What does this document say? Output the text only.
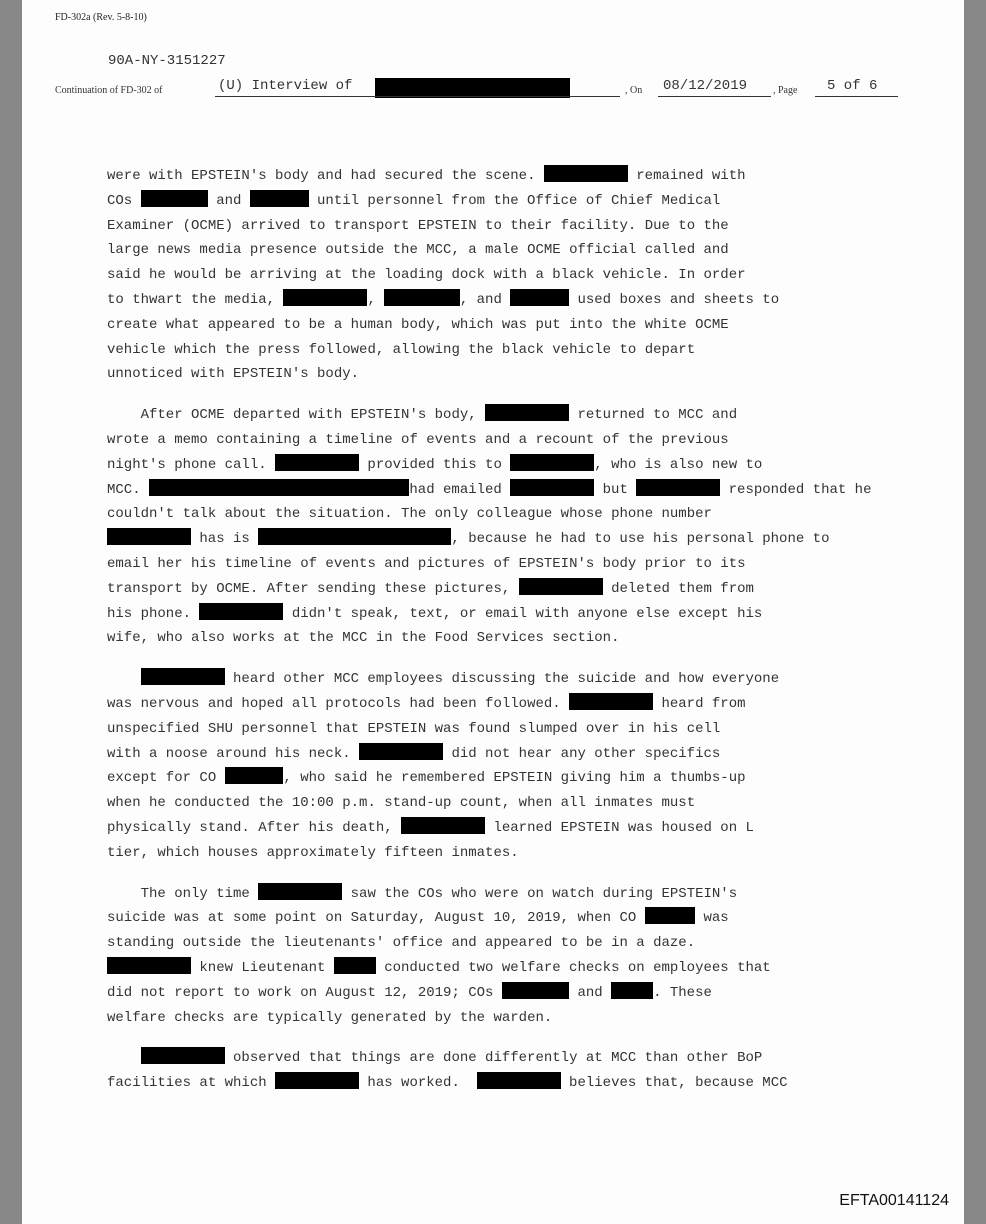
FD-302a (Rev. 5-8-10)
90A-NY-3151227
Continuation of FD-302 of	(U) Interview of	, On 08/12/2019	, Page 5 of 6
were with EPSTEIN's body and had secured the scene.	remained with
COs	and	until personnel from the Office of Chief Medical
Examiner (OCME) arrived to transport EPSTEIN to their facility. Due to the
large news media presence outside the MCC, a male OCME official called and
said he would be arriving at the loading dock with a black vehicle. In order
to thwart the media,	,	, and	used boxes and sheets to
create what appeared to be a human body, which was put into the white OCME
vehicle which the press followed, allowing the black vehicle to depart
unnoticed with EPSTEIN's body.
After OCME departed with EPSTEIN's body,	returned to MCC and
wrote a memo containing a timeline of events and a recount of the previous
night's phone call.	provided this to	, who is also new to
MCC.	had emailed	but	responded that he
couldn't talk about the situation. The only colleague whose phone number
has is	, because he had to use his personal phone to
email her his timeline of events and pictures of EPSTEIN's body prior to its
transport by OCME. After sending these pictures,	deleted them from
his phone.	didn't speak, text, or email with anyone else except his
wife, who also works at the MCC in the Food Services section.
heard other MCC employees discussing the suicide and how everyone
was nervous and hoped all protocols had been followed.	heard from
unspecified SHU personnel that EPSTEIN was found slumped over in his cell
with a noose around his neck.	did not hear any other specifics
except for CO	, who said he remembered EPSTEIN giving him a thumbs-up
when he conducted the 10:00 p.m. stand-up count, when all inmates must
physically stand. After his death,	learned EPSTEIN was housed on L
tier, which houses approximately fifteen inmates.
The only time	saw the COs who were on watch during EPSTEIN's
suicide was at some point on Saturday, August 10, 2019, when CO	was
standing outside the lieutenants' office and appeared to be in a daze.
knew Lieutenant	conducted two welfare checks on employees that
did not report to work on August 12, 2019; COs	and	. These
welfare checks are typically generated by the warden.
observed that things are done differently at MCC than other BoP
facilities at which	has worked.	believes that, because MCC
EFTA00141124
